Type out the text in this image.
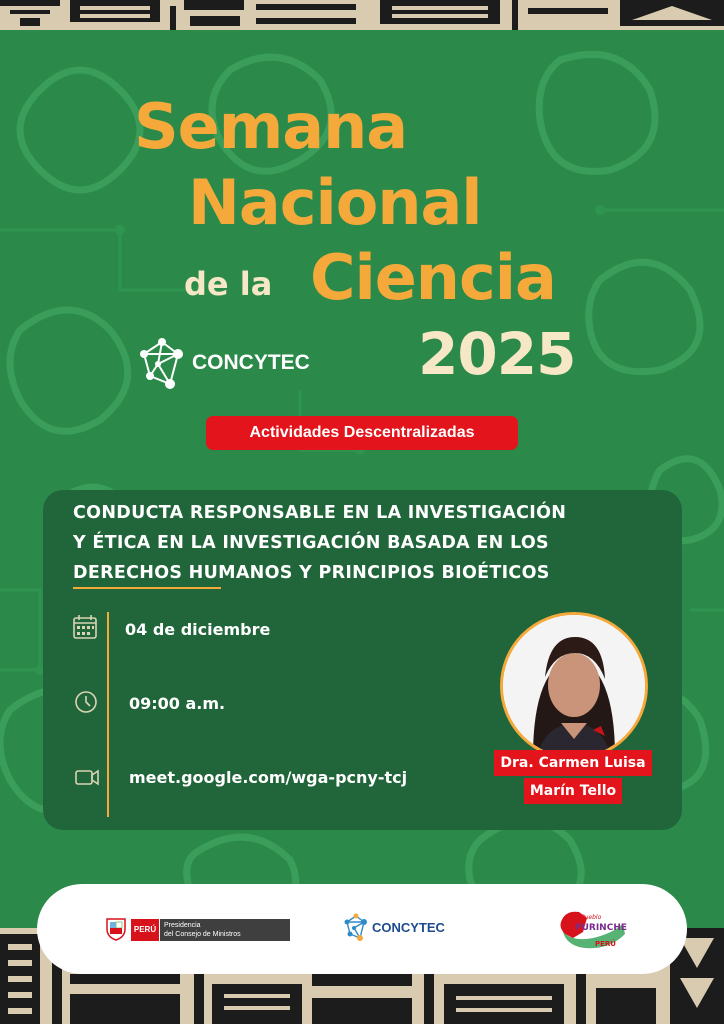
Semana
Nacional
de la Ciencia
2025
CONCYTEC
Actividades Descentralizadas
CONDUCTA RESPONSABLE EN LA INVESTIGACIÓN
Y ÉTICA EN LA INVESTIGACIÓN BASADA EN LOS
DERECHOS HUMANOS Y PRINCIPIOS BIOÉTICOS
04 de diciembre
09:00 a.m.
meet.google.com/wga-pcny-tcj
Dra. Carmen Luisa
Marín Tello
PERÚ	Presidencia
del Consejo de Ministros	CONCYTEC
Pueblo
PURINCHE
PERÚ
